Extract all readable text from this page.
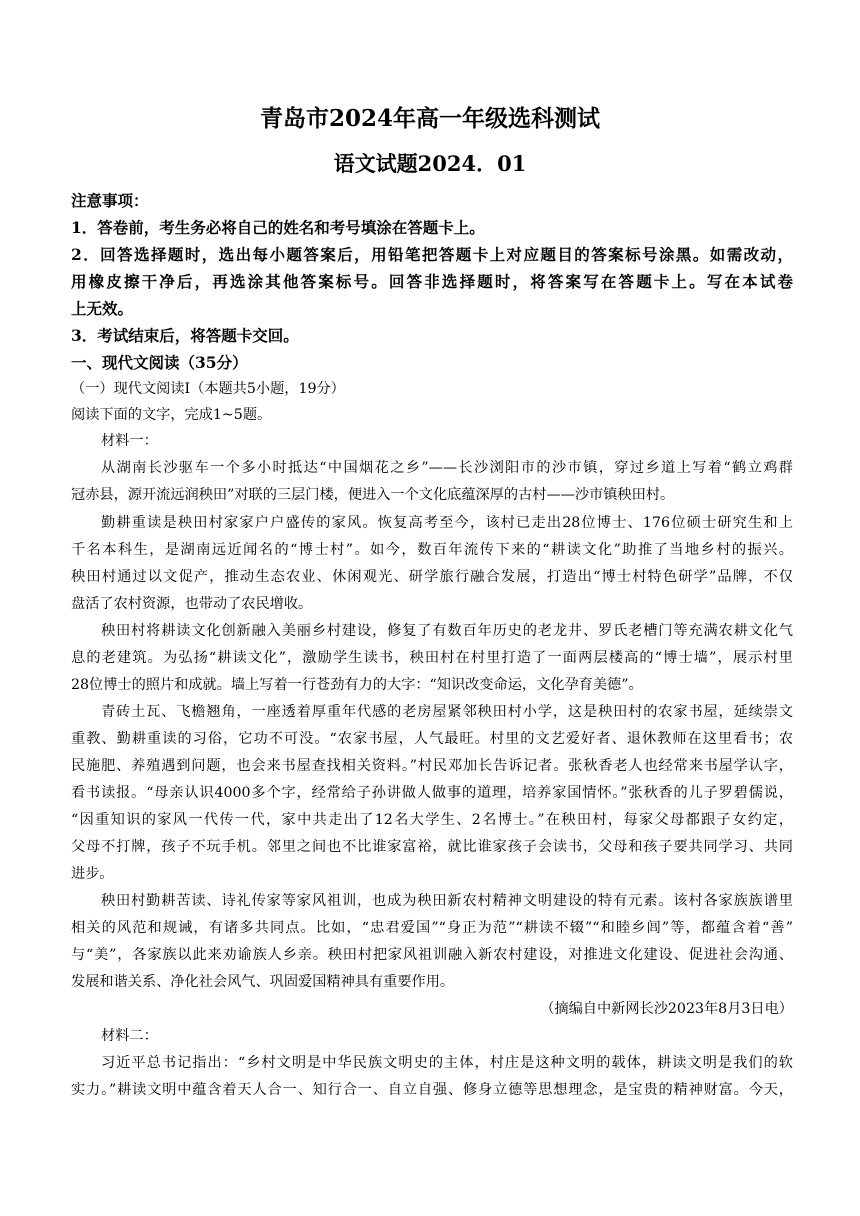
青岛市2024年高一年级选科测试
语文试题2024．01
注意事项：
1．答卷前，考生务必将自己的姓名和考号填涂在答题卡上。
2．回答选择题时，选出每小题答案后，用铅笔把答题卡上对应题目的答案标号涂黑。如需改动，
用橡皮擦干净后，再选涂其他答案标号。回答非选择题时，将答案写在答题卡上。写在本试卷
上无效。
3．考试结束后，将答题卡交回。
一、现代文阅读（35分）
（一）现代文阅读I（本题共5小题，19分）
阅读下面的文字，完成1~5题。
材料一：
从湖南长沙驱车一个多小时抵达“中国烟花之乡”——长沙浏阳市的沙市镇，穿过乡道上写着“鹤立鸡群
冠赤县，源开流远润秧田”对联的三层门楼，便进入一个文化底蕴深厚的古村——沙市镇秧田村。
勤耕重读是秧田村家家户户盛传的家风。恢复高考至今，该村已走出28位博士、176位硕士研究生和上
千名本科生，是湖南远近闻名的“博士村”。如今，数百年流传下来的“耕读文化”助推了当地乡村的振兴。
秧田村通过以文促产，推动生态农业、休闲观光、研学旅行融合发展，打造出“博士村特色研学”品牌，不仅
盘活了农村资源，也带动了农民增收。
秧田村将耕读文化创新融入美丽乡村建设，修复了有数百年历史的老龙井、罗氏老槽门等充满农耕文化气
息的老建筑。为弘扬“耕读文化”，激励学生读书，秧田村在村里打造了一面两层楼高的“博士墙”，展示村里
28位博士的照片和成就。墙上写着一行苍劲有力的大字：“知识改变命运，文化孕育美德”。
青砖土瓦、飞檐翘角，一座透着厚重年代感的老房屋紧邻秧田村小学，这是秧田村的农家书屋，延续崇文
重教、勤耕重读的习俗，它功不可没。“农家书屋，人气最旺。村里的文艺爱好者、退休教师在这里看书；农
民施肥、养殖遇到问题，也会来书屋查找相关资料。”村民邓加长告诉记者。张秋香老人也经常来书屋学认字，
看书读报。“母亲认识4000多个字，经常给子孙讲做人做事的道理，培养家国情怀。”张秋香的儿子罗碧儒说，
“因重知识的家风一代传一代，家中共走出了12名大学生、2名博士。”在秧田村，每家父母都跟子女约定，
父母不打牌，孩子不玩手机。邻里之间也不比谁家富裕，就比谁家孩子会读书，父母和孩子要共同学习、共同
进步。
秧田村勤耕苦读、诗礼传家等家风祖训，也成为秧田新农村精神文明建设的特有元素。该村各家族族谱里
相关的风范和规诫，有诸多共同点。比如，“忠君爱国”“身正为范”“耕读不辍”“和睦乡闾”等，都蕴含着“善”
与“美”，各家族以此来劝谕族人乡亲。秧田村把家风祖训融入新农村建设，对推进文化建设、促进社会沟通、
发展和谐关系、净化社会风气、巩固爱国精神具有重要作用。
（摘编自中新网长沙2023年8月3日电）
材料二：
习近平总书记指出：“乡村文明是中华民族文明史的主体，村庄是这种文明的载体，耕读文明是我们的软
实力。”耕读文明中蕴含着天人合一、知行合一、自立自强、修身立德等思想理念，是宝贵的精神财富。今天，
